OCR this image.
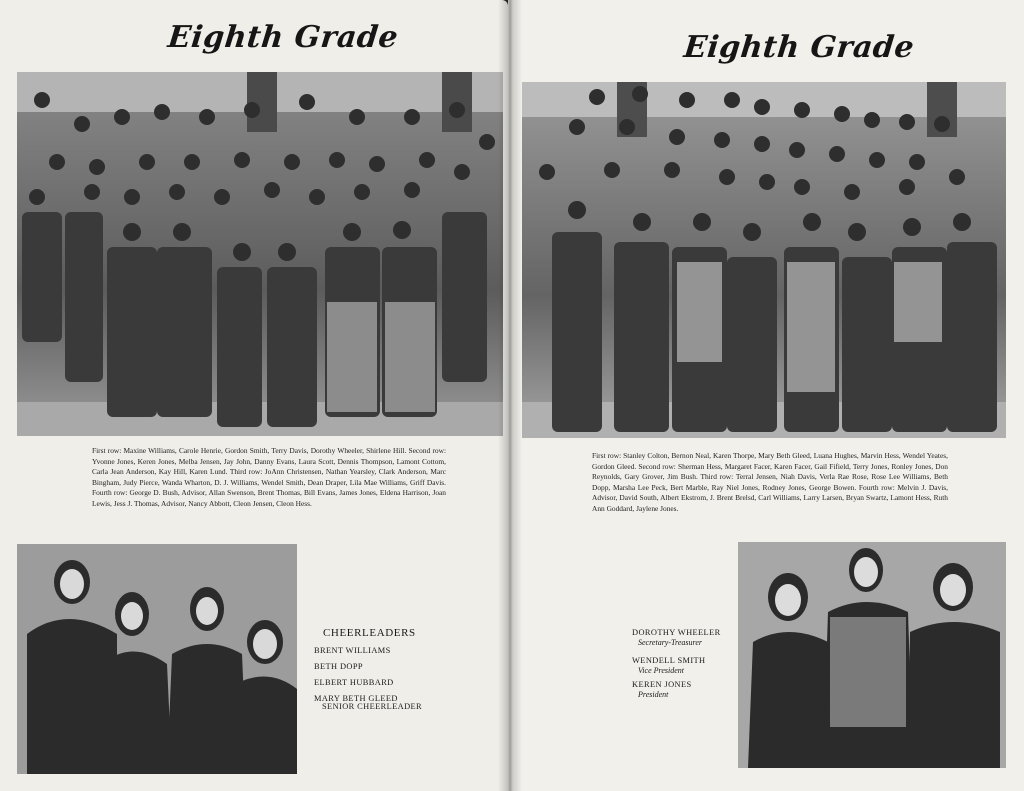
Eighth Grade
First row: Maxine Williams, Carole Henrie, Gordon Smith, Terry Davis, Dorothy Wheeler, Shirlene Hill. Second row: Yvonne Jones, Keren Jones, Melba Jensen, Jay John, Danny Evans, Laura Scott, Dennis Thompson, Lamont Cottom, Carla Jean Anderson, Kay Hill, Karen Lund. Third row: JoAnn Christensen, Nathan Yearsley, Clark Anderson, Marc Bingham, Judy Pierce, Wanda Wharton, D. J. Williams, Wendel Smith, Dean Draper, Lila Mae Williams, Griff Davis. Fourth row: George D. Bush, Advisor, Allan Swenson, Brent Thomas, Bill Evans, James Jones, Eldena Harrison, Joan Lewis, Jess J. Thomas, Advisor, Nancy Abbott, Cleon Jensen, Cleon Hess.
CHEERLEADERS
BRENT WILLIAMS
BETH DOPP
ELBERT HUBBARD
MARY BETH GLEED
SENIOR CHEERLEADER
Eighth Grade
First row: Stanley Colton, Bernon Neal, Karen Thorpe, Mary Beth Gleed, Luana Hughes, Marvin Hess, Wendel Yeates, Gordon Gleed. Second row: Sherman Hess, Margaret Facer, Karen Facer, Gail Fifield, Terry Jones, Ronley Jones, Don Reynolds, Gary Grover, Jim Bush. Third row: Terral Jensen, Niah Davis, Verla Rae Rose, Rose Lee Williams, Beth Dopp, Marsha Lee Peck, Bert Marble, Ray Niel Jones, Rodney Jones, George Bowen. Fourth row: Melvin J. Davis, Advisor, David South, Albert Ekstrom, J. Brent Brelsd, Carl Williams, Larry Larsen, Bryan Swartz, Lamont Hess, Ruth Ann Goddard, Jaylene Jones.
DOROTHY WHEELER
Secretary-Treasurer
WENDELL SMITH
Vice President
KEREN JONES
President
